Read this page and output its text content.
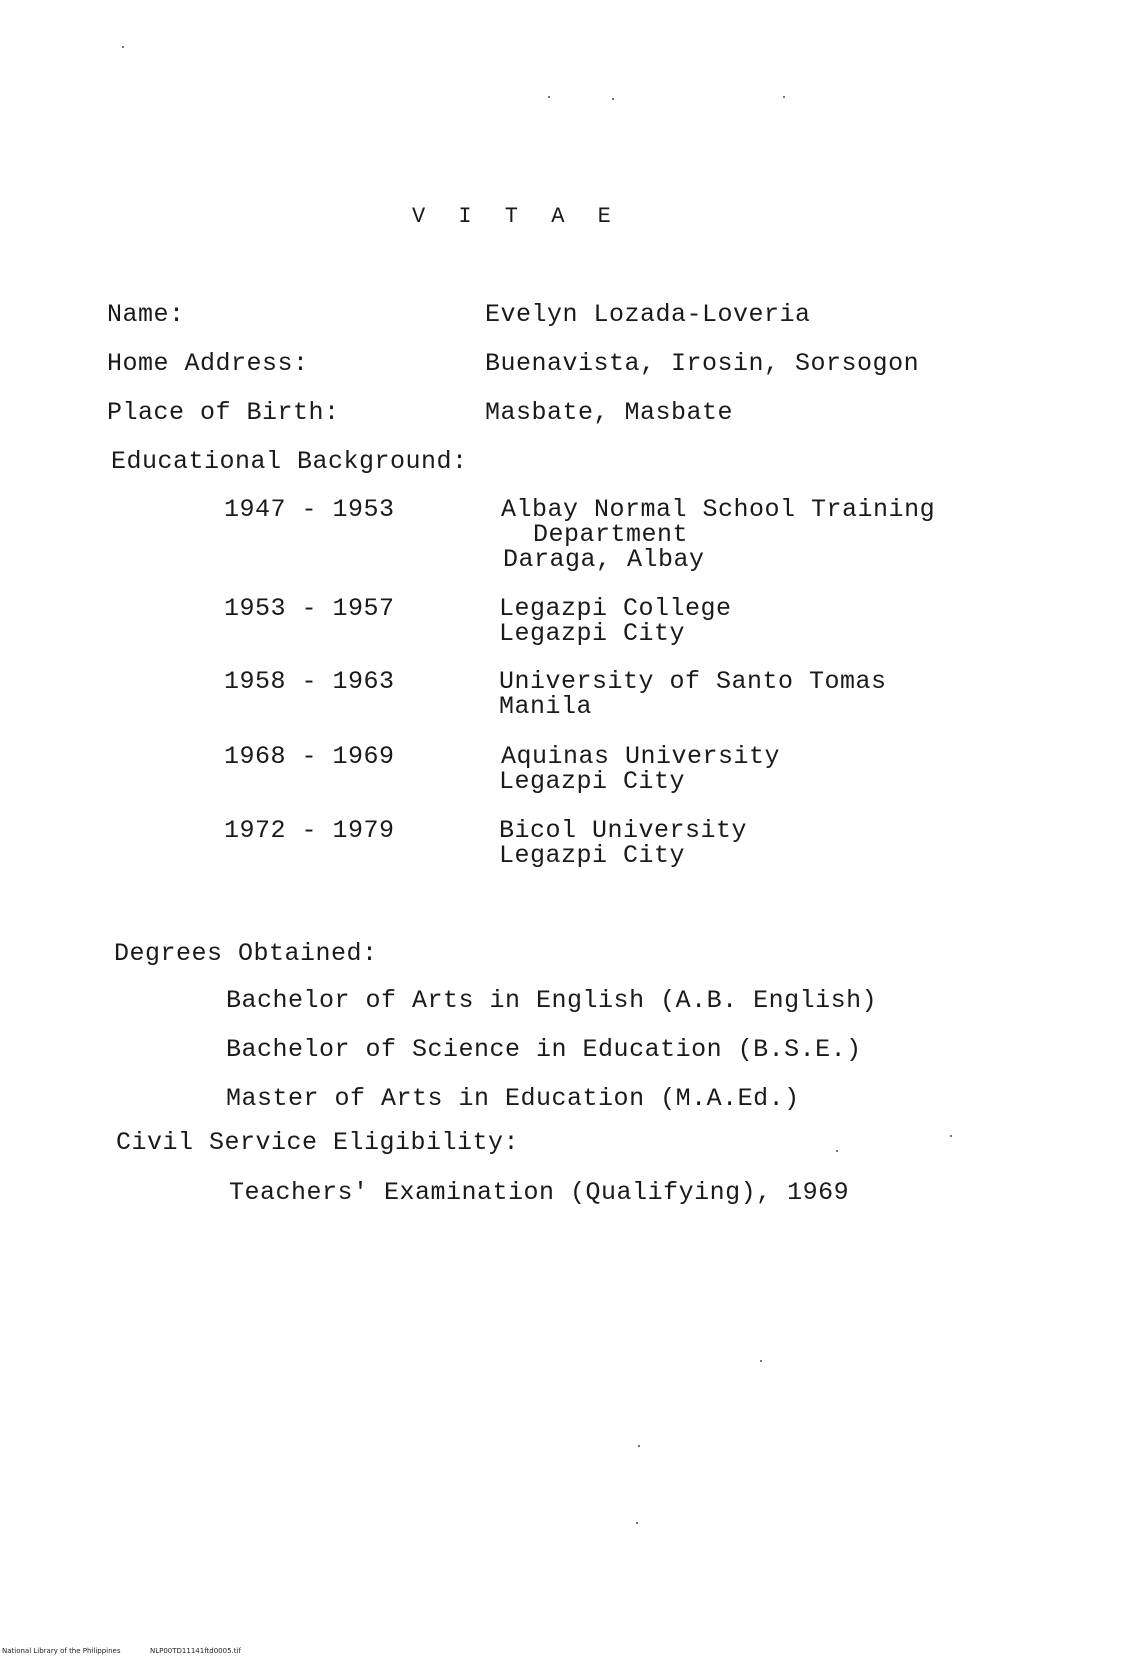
V I T A E
Name:	Evelyn Lozada-Loveria
Home Address:	Buenavista, Irosin, Sorsogon
Place of Birth:	Masbate, Masbate
Educational Background:
1947 - 1953	Albay Normal School Training
Department
Daraga, Albay
1953 - 1957	Legazpi College
Legazpi City
1958 - 1963	University of Santo Tomas
Manila
1968 - 1969	Aquinas University
Legazpi City
1972 - 1979	Bicol University
Legazpi City
Degrees Obtained:
Bachelor of Arts in English (A.B. English)
Bachelor of Science in Education (B.S.E.)
Master of Arts in Education (M.A.Ed.)
Civil Service Eligibility:
Teachers' Examination (Qualifying), 1969
National Library of the Philippines	NLP00TD11141ftd0005.tif
